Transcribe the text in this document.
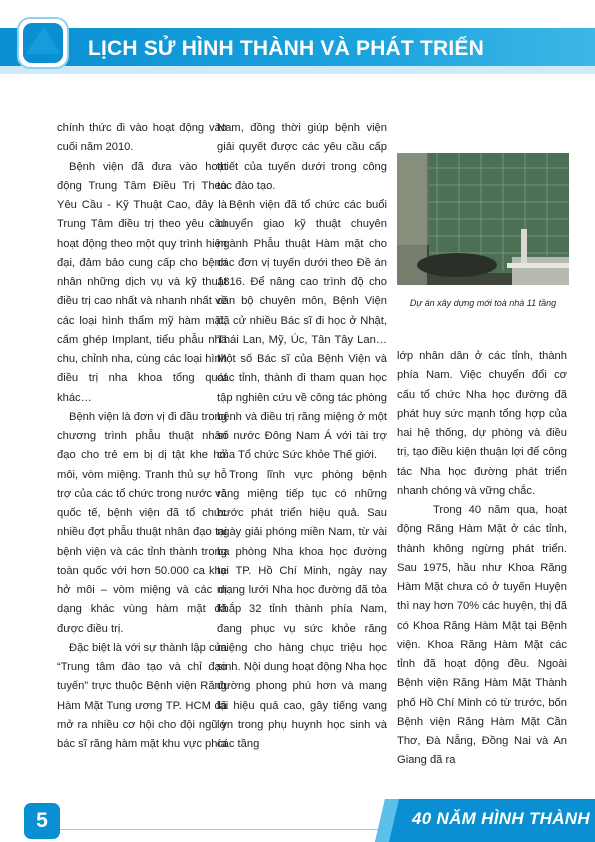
LỊCH SỬ HÌNH THÀNH VÀ PHÁT TRIỂN

chính thức đi vào hoạt động vào cuối năm 2010.

Bệnh viện đã đưa vào hoạt động Trung Tâm Điều Trị Theo Yêu Cầu - Kỹ Thuật Cao, đây là Trung Tâm điều trị theo yêu cầu hoạt động theo một quy trình hiện đại, đảm bảo cung cấp cho bệnh nhân những dịch vụ và kỹ thuật điều trị cao nhất và nhanh nhất về các loại hình thẩm mỹ hàm mặt, cấm ghép Implant, tiểu phẫu nha chu, chỉnh nha, cùng các loại hình điều trị nha khoa tổng quát khác…

Bệnh viện là đơn vị đi đầu trong chương trình phẫu thuật nhân đạo cho trẻ em bị dị tật khe hở môi, vòm miệng. Tranh thủ sự hỗ trợ của các tổ chức trong nước và quốc tế, bệnh viện đã tổ chức nhiều đợt phẫu thuật nhân đạo tại bệnh viện và các tỉnh thành trong toàn quốc với hơn 50.000 ca khe hở môi – vòm miệng và các dị dạng khác vùng hàm mặt đã được điều trị.

Đặc biệt là với sự thành lập của “Trung tâm đào tạo và chỉ đạo tuyến” trực thuộc Bệnh viện Răng Hàm Mặt Tung ương TP. HCM đã mở ra nhiều cơ hội cho đội ngũ y bác sĩ răng hàm mặt khu vực phía

Nam, đồng thời giúp bệnh viện giải quyết được các yêu cầu cấp thiết của tuyến dưới trong công tác đào tạo.

Bệnh viện đã tổ chức các buổi chuyển giao kỹ thuật chuyên ngành Phẫu thuật Hàm mặt cho các đơn vị tuyến dưới theo Đề án 1816. Để nâng cao trình độ cho cán bộ chuyên môn, Bệnh Viện đã cử nhiều Bác sĩ đi học ở Nhật, Thái Lan, Mỹ, Úc, Tân Tây Lan… Một số Bác sĩ của Bệnh Viện và các tỉnh, thành đi tham quan học tập nghiên cứu về công tác phòng bệnh và điều trị răng miệng ở một số nước Đông Nam Á với tài trợ của Tổ chức Sức khỏe Thế giới.

Trong lĩnh vực phòng bệnh răng miệng tiếp tục có những bước phát triển hiệu quả. Sau ngày giải phóng miền Nam, từ vài ba phòng Nha khoa học đường tại TP. Hồ Chí Minh, ngày nay mạng lưới Nha học đường đã tỏa khắp 32 tỉnh thành phía Nam, đang phục vụ sức khỏe răng miệng cho hàng chục triệu học sinh. Nội dung hoạt động Nha học đường phong phú hơn và mang lại hiệu quả cao, gây tiếng vang lớn trong phụ huynh học sinh và các tầng

Dự án xây dựng mới toà nhà 11 tầng

lớp nhân dân ở các tỉnh, thành phía Nam. Việc chuyển đổi cơ cấu tổ chức Nha học đường đã phát huy sức mạnh tổng hợp của hai hệ thống, dự phòng và điều trị, tạo điều kiện thuận lợi để công tác Nha học đường phát triển nhanh chóng và vững chắc.

Trong 40 năm qua, hoạt động Răng Hàm Mặt ở các tỉnh, thành không ngừng phát triển. Sau 1975, hầu như Khoa Răng Hàm Mặt chưa có ở tuyến Huyện thì nay hơn 70% các huyện, thị đã có Khoa Răng Hàm Mặt tại Bệnh viện. Khoa Răng Hàm Mặt các tỉnh đã hoạt động đều. Ngoài Bệnh viện Răng Hàm Mặt Thành phố Hồ Chí Minh có từ trước, bốn Bệnh viện Răng Hàm Mặt Cần Thơ, Đà Nẵng, Đồng Nai và An Giang đã ra

5	40 NĂM HÌNH THÀNH
